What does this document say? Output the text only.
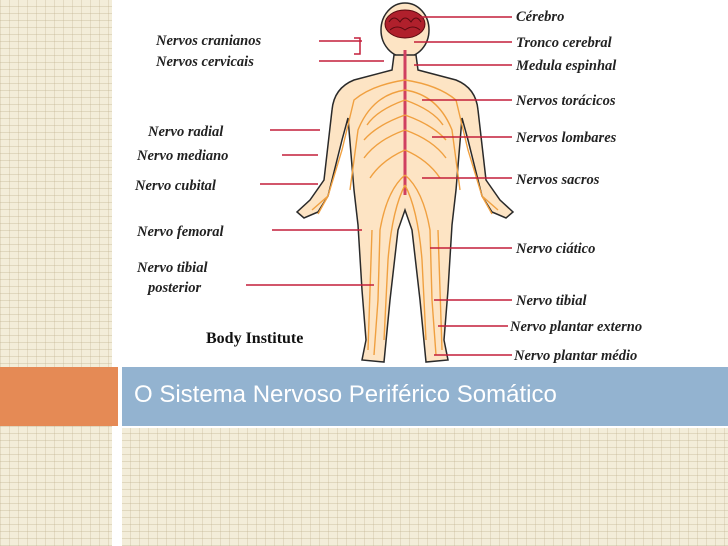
Nervos cranianos
Nervos cervicais
Nervo radial
Nervo mediano
Nervo cubital
Nervo femoral
Nervo tibial
posterior
Cérebro
Tronco cerebral
Medula espinhal
Nervos torácicos
Nervos lombares
Nervos sacros
Nervo ciático
Nervo tibial
Nervo plantar externo
Nervo plantar médio
Body Institute
O Sistema Nervoso Periférico Somático
